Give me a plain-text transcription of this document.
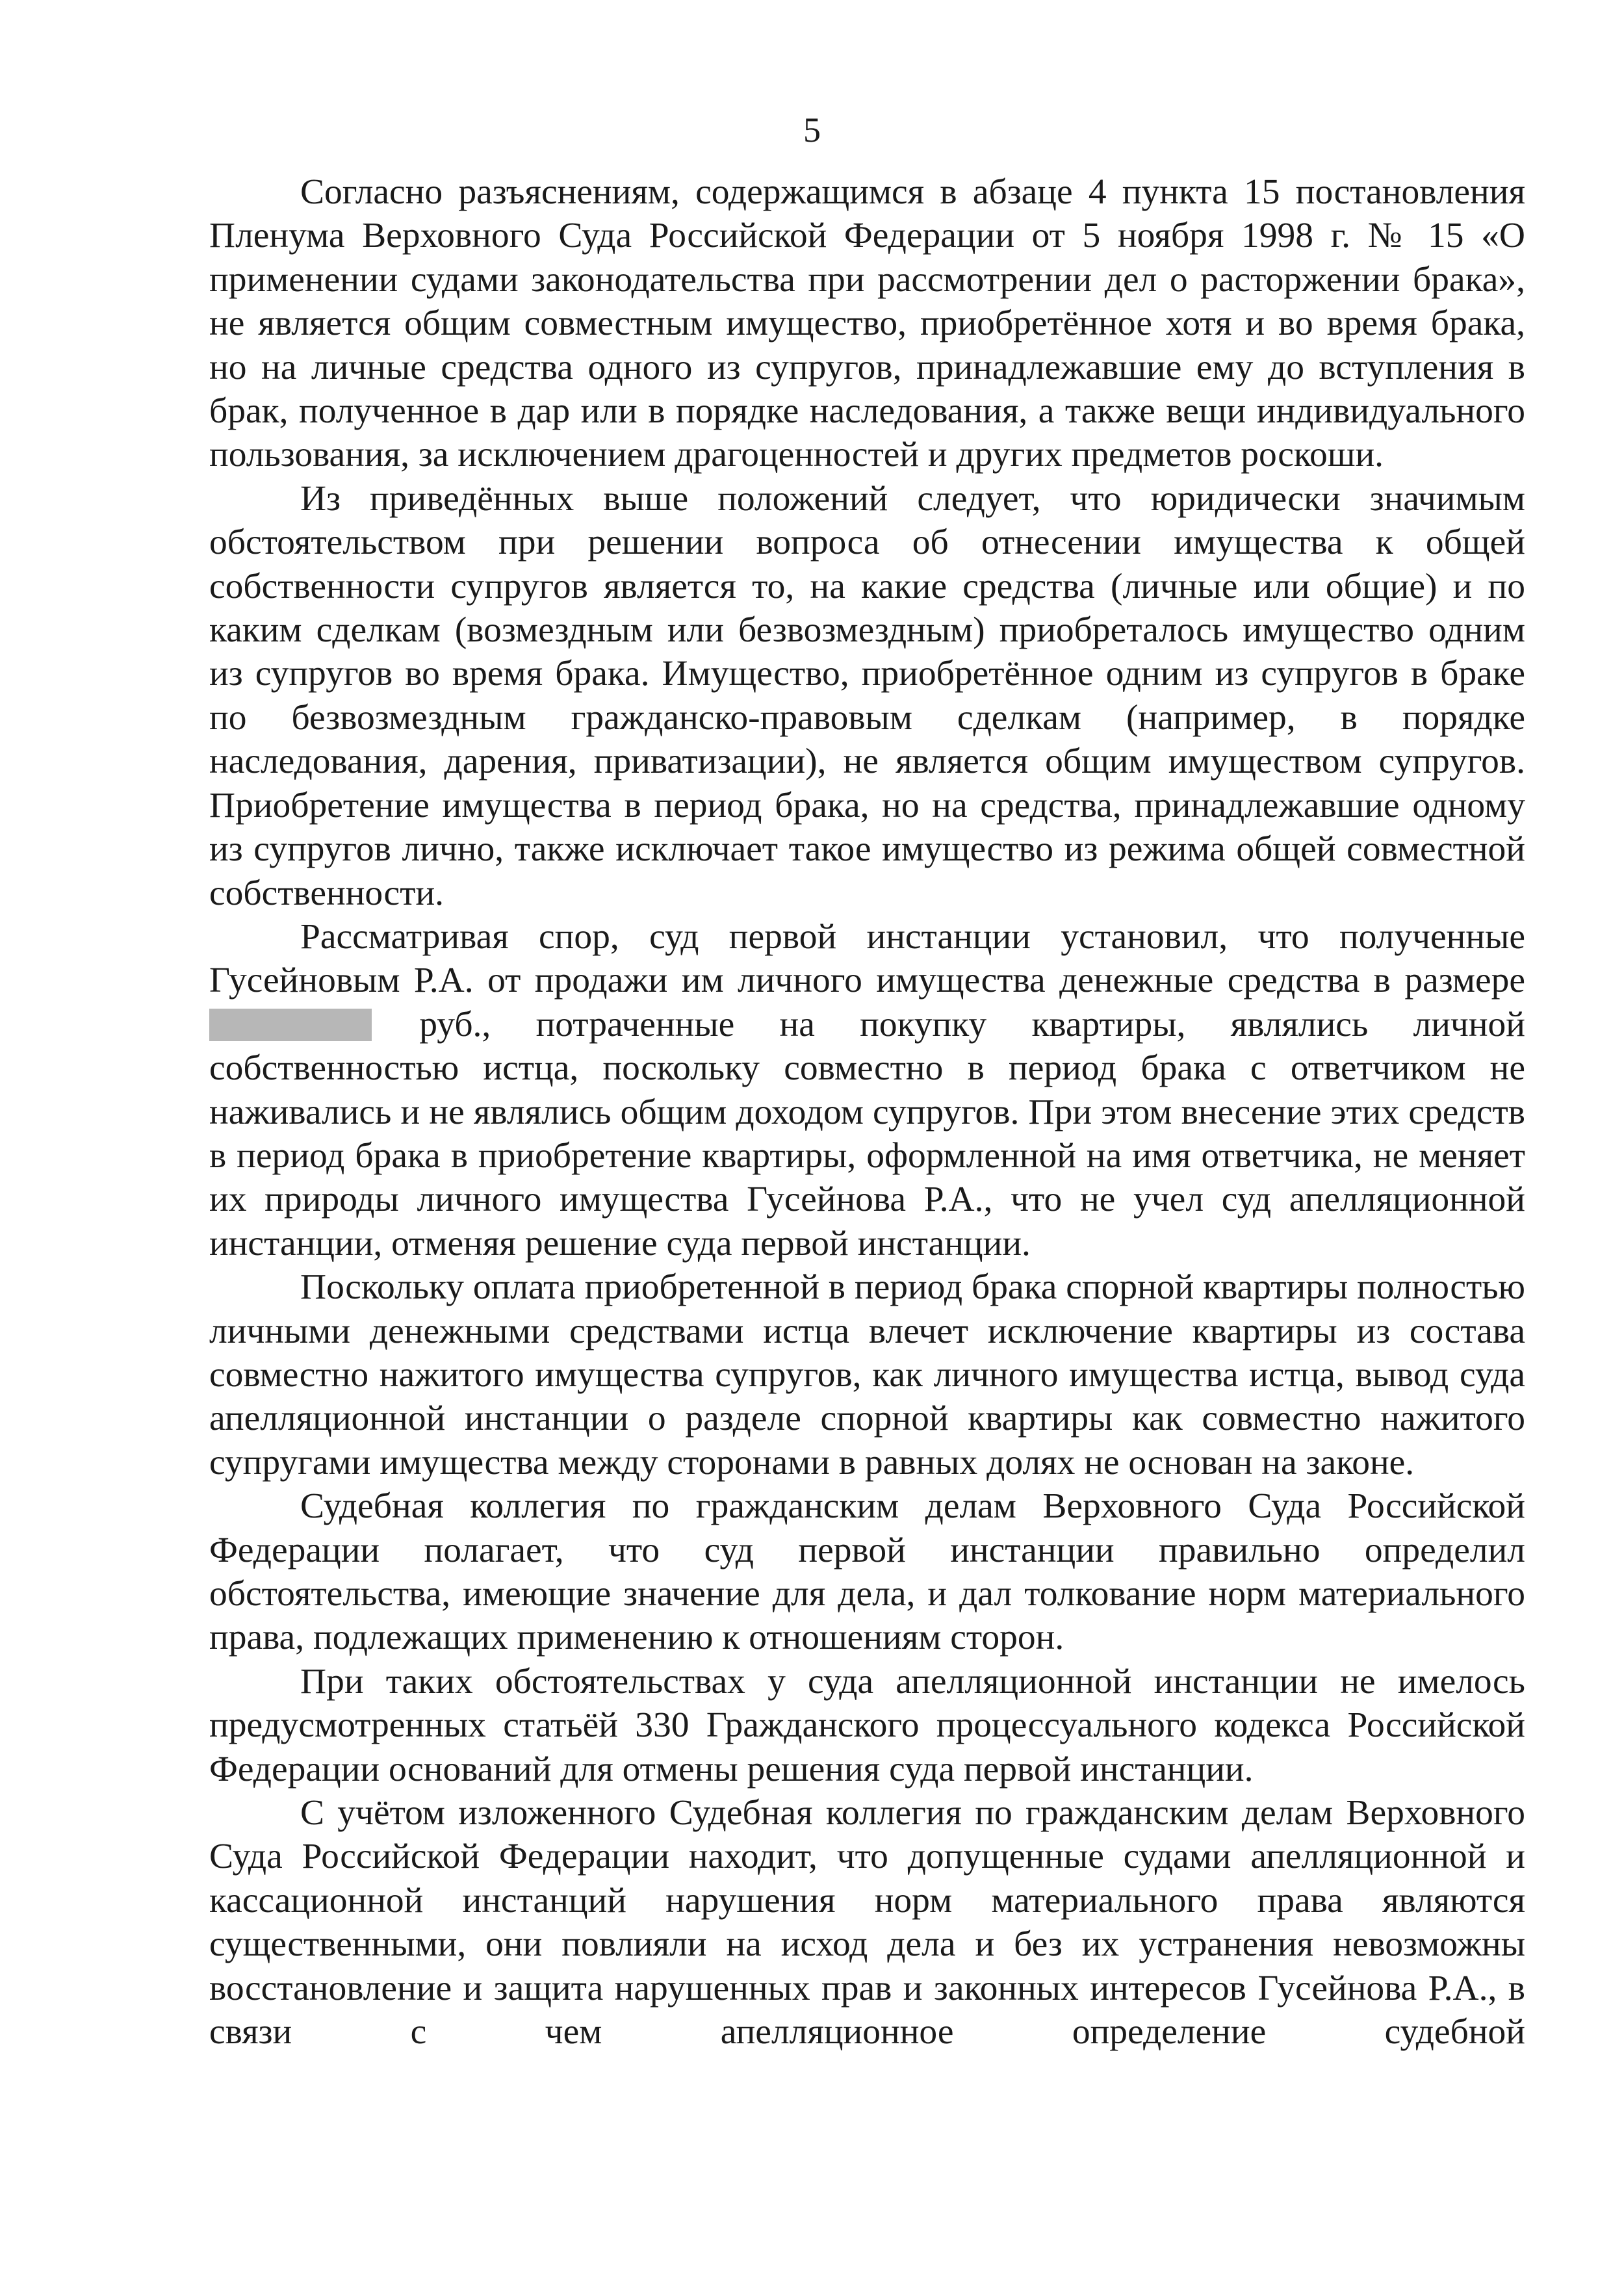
5

Согласно разъяснениям, содержащимся в абзаце 4 пункта 15 постановления Пленума Верховного Суда Российской Федерации от 5 ноября 1998 г. № 15 «О применении судами законодательства при рассмотрении дел о расторжении брака», не является общим совместным имущество, приобретённое хотя и во время брака, но на личные средства одного из супругов, принадлежавшие ему до вступления в брак, полученное в дар или в порядке наследования, а также вещи индивидуального пользования, за исключением драгоценностей и других предметов роскоши.

Из приведённых выше положений следует, что юридически значимым обстоятельством при решении вопроса об отнесении имущества к общей собственности супругов является то, на какие средства (личные или общие) и по каким сделкам (возмездным или безвозмездным) приобреталось имущество одним из супругов во время брака. Имущество, приобретённое одним из супругов в браке по безвозмездным гражданско-правовым сделкам (например, в порядке наследования, дарения, приватизации), не является общим имуществом супругов. Приобретение имущества в период брака, но на средства, принадлежавшие одному из супругов лично, также исключает такое имущество из режима общей совместной собственности.

Рассматривая спор, суд первой инстанции установил, что полученные Гусейновым Р.А. от продажи им личного имущества денежные средства в размере  руб., потраченные на покупку квартиры, являлись личной собственностью истца, поскольку совместно в период брака с ответчиком не наживались и не являлись общим доходом супругов. При этом внесение этих средств в период брака в приобретение квартиры, оформленной на имя ответчика, не меняет их природы личного имущества Гусейнова Р.А., что не учел суд апелляционной инстанции, отменяя решение суда первой инстанции.

Поскольку оплата приобретенной в период брака спорной квартиры полностью личными денежными средствами истца влечет исключение квартиры из состава совместно нажитого имущества супругов, как личного имущества истца, вывод суда апелляционной инстанции о разделе спорной квартиры как совместно нажитого супругами имущества между сторонами в равных долях не основан на законе.

Судебная коллегия по гражданским делам Верховного Суда Российской Федерации полагает, что суд первой инстанции правильно определил обстоятельства, имеющие значение для дела, и дал толкование норм материального права, подлежащих применению к отношениям сторон.

При таких обстоятельствах у суда апелляционной инстанции не имелось предусмотренных статьёй 330 Гражданского процессуального кодекса Российской Федерации оснований для отмены решения суда первой инстанции.

С учётом изложенного Судебная коллегия по гражданским делам Верховного Суда Российской Федерации находит, что допущенные судами апелляционной и кассационной инстанций нарушения норм материального права являются существенными, они повлияли на исход дела и без их устранения невозможны восстановление и защита нарушенных прав и законных интересов Гусейнова Р.А., в связи с чем апелляционное определение судебной
